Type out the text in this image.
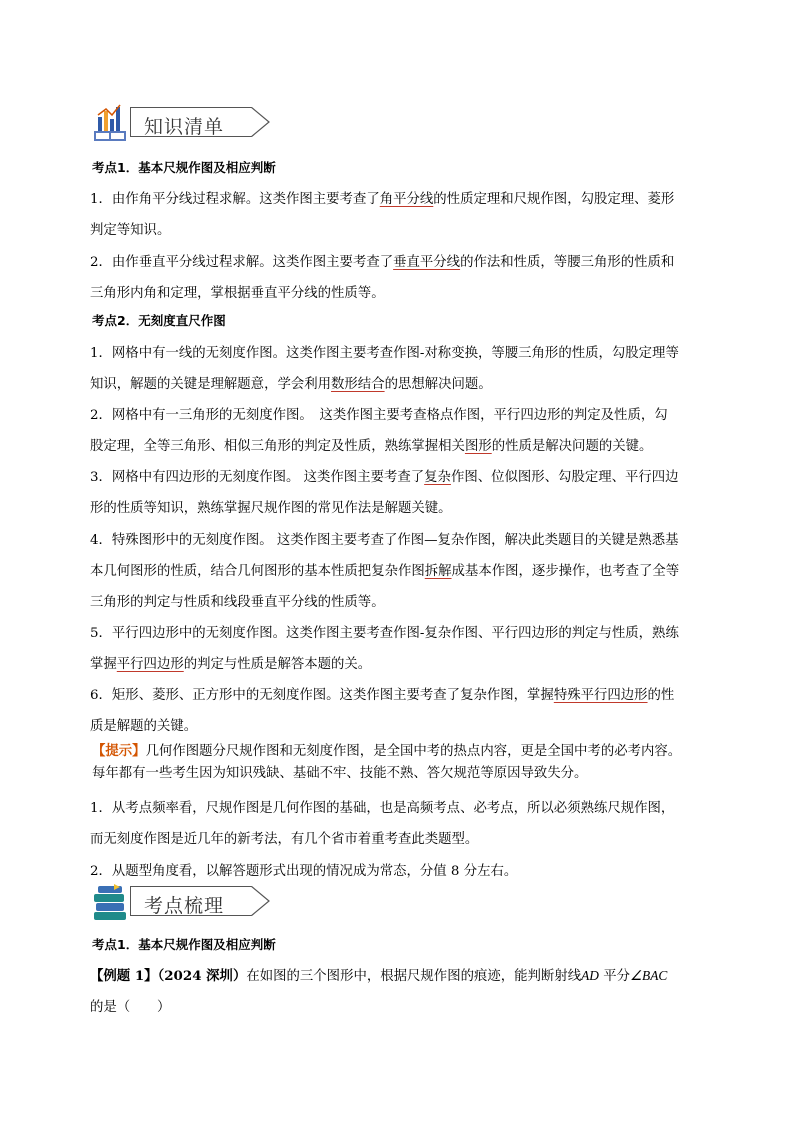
知识清单
考点1．基本尺规作图及相应判断
1．由作角平分线过程求解。这类作图主要考查了角平分线的性质定理和尺规作图，勾股定理、菱形
判定等知识。
2．由作垂直平分线过程求解。这类作图主要考查了垂直平分线的作法和性质，等腰三角形的性质和
三角形内角和定理，掌根据垂直平分线的性质等。
考点2．无刻度直尺作图
1．网格中有一线的无刻度作图。这类作图主要考查作图-对称变换，等腰三角形的性质，勾股定理等
知识，解题的关键是理解题意，学会利用数形结合的思想解决问题。
2．网格中有一三角形的无刻度作图。　这类作图主要考查格点作图，平行四边形的判定及性质，勾
股定理，全等三角形、相似三角形的判定及性质，熟练掌握相关图形的性质是解决问题的关键。
3．网格中有四边形的无刻度作图。 这类作图主要考查了复杂作图、位似图形、勾股定理、平行四边
形的性质等知识，熟练掌握尺规作图的常见作法是解题关键。
4．特殊图形中的无刻度作图。 这类作图主要考查了作图—复杂作图，解决此类题目的关键是熟悉基
本几何图形的性质，结合几何图形的基本性质把复杂作图拆解成基本作图，逐步操作，也考查了全等
三角形的判定与性质和线段垂直平分线的性质等。
5．平行四边形中的无刻度作图。这类作图主要考查作图-复杂作图、平行四边形的判定与性质，熟练
掌握平行四边形的判定与性质是解答本题的关。
6．矩形、菱形、正方形中的无刻度作图。这类作图主要考查了复杂作图，掌握特殊平行四边形的性
质是解题的关键。
【提示】几何作图题分尺规作图和无刻度作图，是全国中考的热点内容，更是全国中考的必考内容。
每年都有一些考生因为知识残缺、基础不牢、技能不熟、答欠规范等原因导致失分。
1．从考点频率看，尺规作图是几何作图的基础，也是高频考点、必考点，所以必须熟练尺规作图，
而无刻度作图是近几年的新考法，有几个省市着重考查此类题型。
2．从题型角度看，以解答题形式出现的情况成为常态，分值 8 分左右。
考点梳理
考点1．基本尺规作图及相应判断
【例题 1】（2024 深圳）在如图的三个图形中，根据尺规作图的痕迹，能判断射线AD 平分∠BAC
的是（　　）
